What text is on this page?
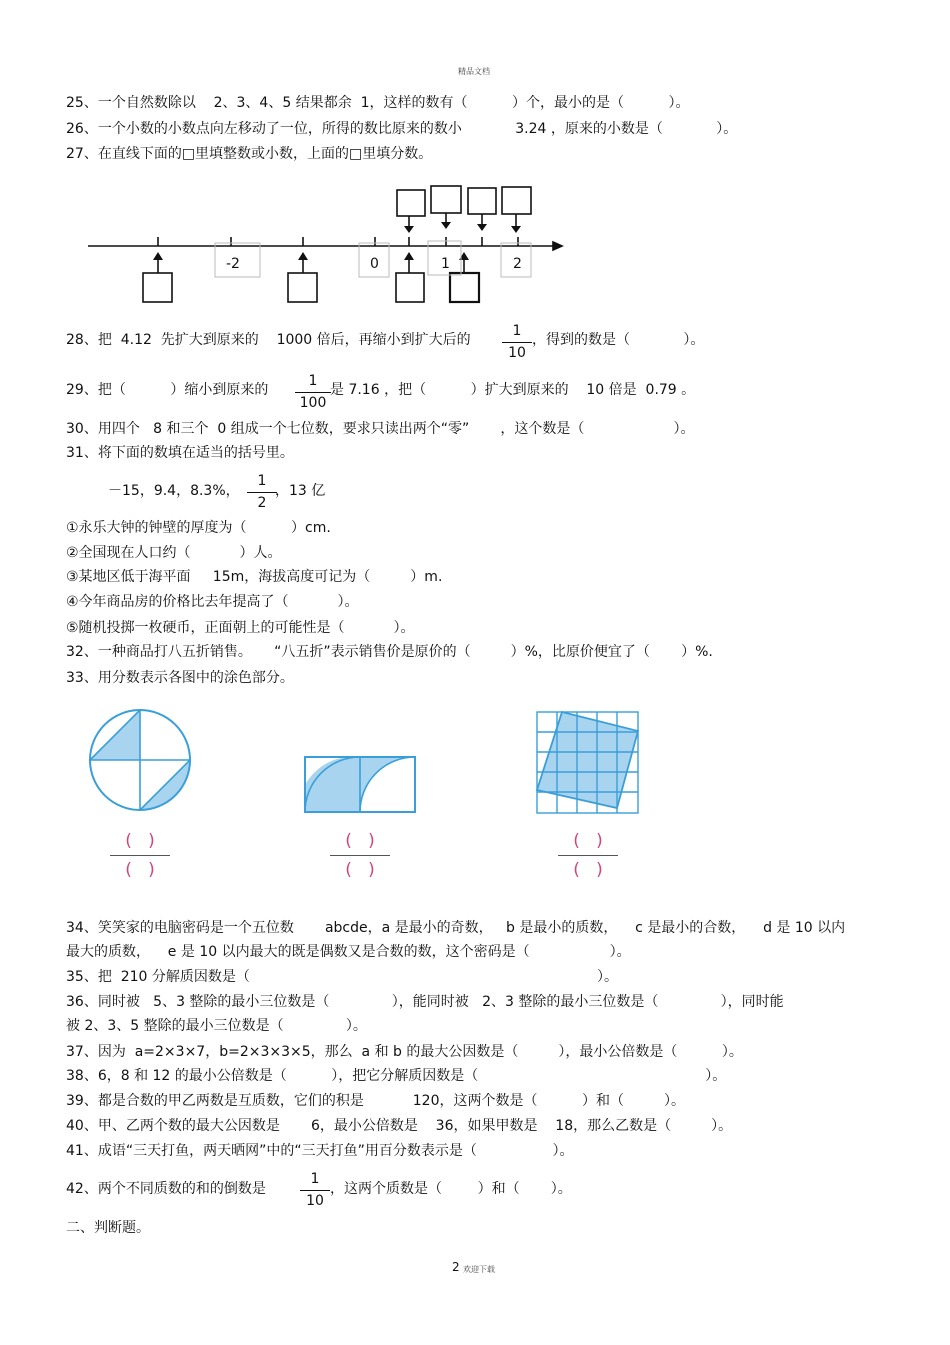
精品文档
25、一个自然数除以    2、3、4、5 结果都余  1，这样的数有（          ）个，最小的是（          ）。
26、一个小数的小数点向左移动了一位，所得的数比原来的数小            3.24 ，原来的小数是（            ）。
27、在直线下面的□里填整数或小数，上面的□里填分数。
-2	0	1	2
28、把  4.12  先扩大到原来的    1000 倍后，再缩小到扩大后的
1
10
，得到的数是（            ）。
29、把（          ）缩小到原来的
1
100
是 7.16 ，把（          ）扩大到原来的    10 倍是  0.79 。
30、用四个   8 和三个  0 组成一个七位数，要求只读出两个“零”       ，这个数是（                    ）。
31、将下面的数填在适当的括号里。
－15，9.4，8.3%，
1
2
，13 亿
①永乐大钟的钟壁的厚度为（          ）cm.
②全国现在人口约（           ）人。
③某地区低于海平面     15m，海拔高度可记为（         ）m.
④今年商品房的价格比去年提高了（           ）。
⑤随机投掷一枚硬币，正面朝上的可能性是（           ）。
32、一种商品打八五折销售。     “八五折”表示销售价是原价的（         ）%，比原价便宜了（       ）%.
33、用分数表示各图中的涂色部分。
( )
( )
( )
( )
( )
( )
34、笑笑家的电脑密码是一个五位数       abcde，a 是最小的奇数，   b 是最小的质数，    c 是最小的合数，    d 是 10 以内
最大的质数，    e 是 10 以内最大的既是偶数又是合数的数，这个密码是（                  ）。
35、把  210 分解质因数是（                                                                              ）。
36、同时被   5、3 整除的最小三位数是（              ），能同时被   2、3 整除的最小三位数是（              ），同时能
被 2、3、5 整除的最小三位数是（              ）。
37、因为  a=2×3×7，b=2×3×3×5，那么  a 和 b 的最大公因数是（         ），最小公倍数是（          ）。
38、6，8 和 12 的最小公倍数是（          ），把它分解质因数是（                                                   ）。
39、都是合数的甲乙两数是互质数，它们的积是           120，这两个数是（          ）和（         ）。
40、甲、乙两个数的最大公因数是       6，最小公倍数是    36，如果甲数是    18，那么乙数是（         ）。
41、成语“三天打鱼，两天晒网”中的“三天打鱼”用百分数表示是（                 ）。
42、两个不同质数的和的倒数是
1
10
，这两个质数是（        ）和（       ）。
二、判断题。
2 欢迎下载
